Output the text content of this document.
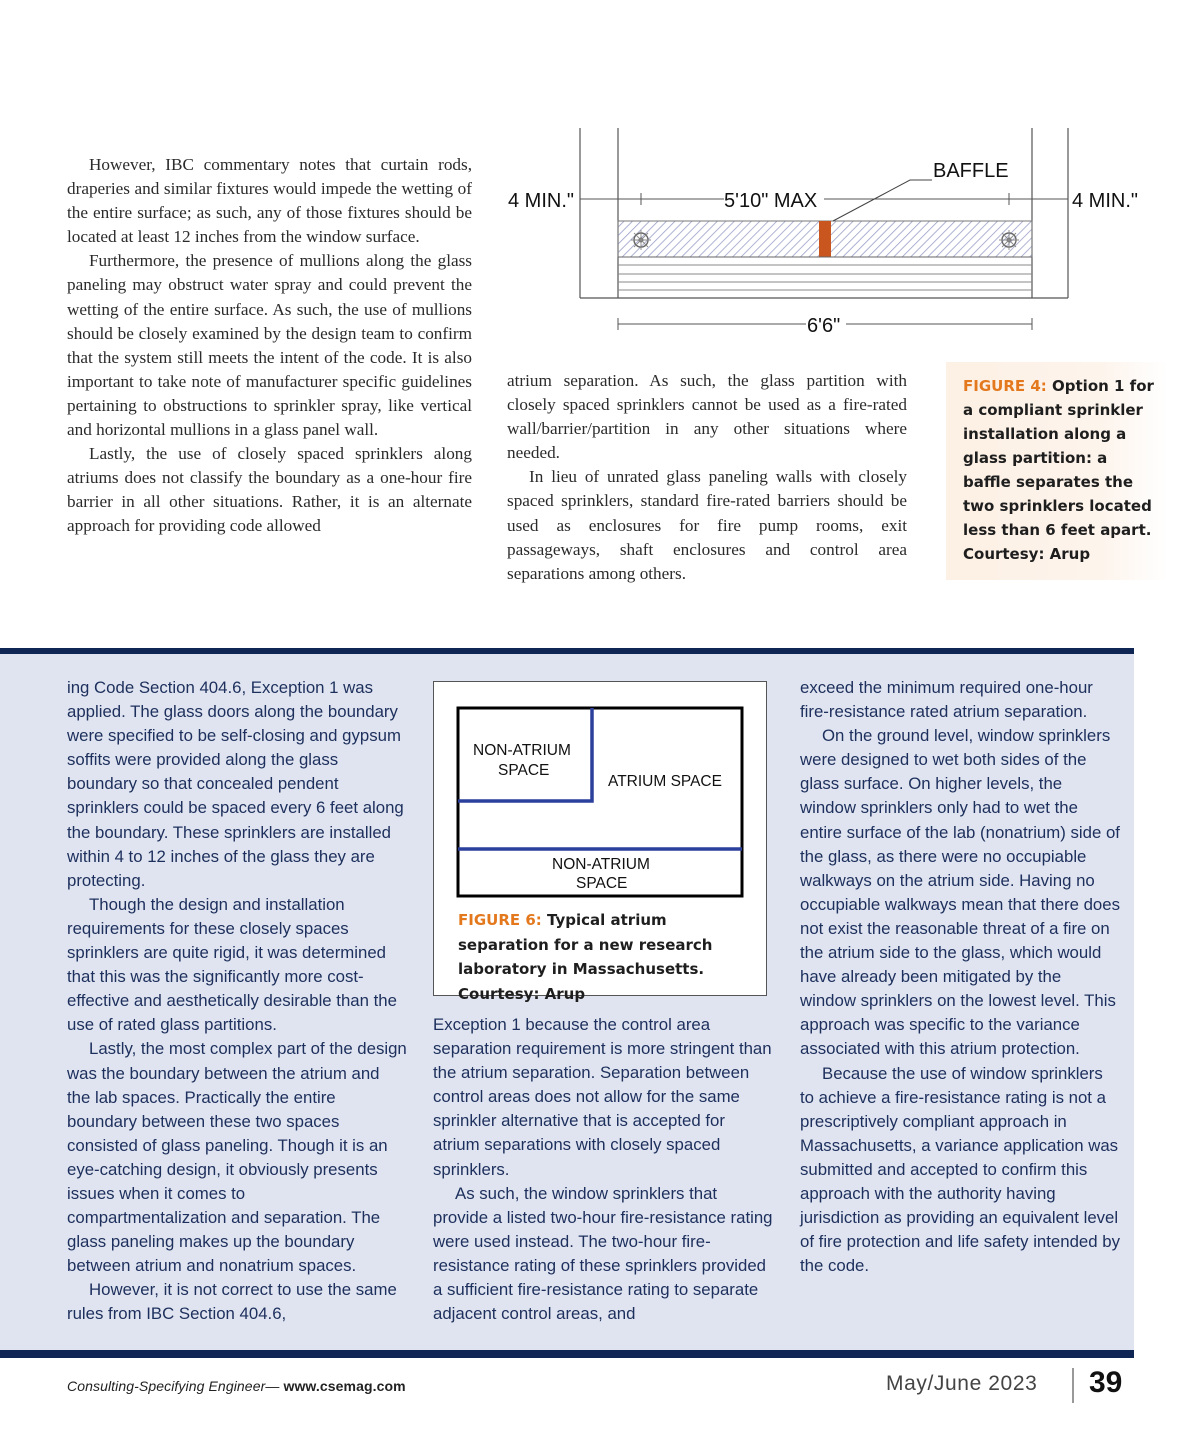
However, IBC commentary notes that curtain rods, draperies and similar fixtures would impede the wetting of the entire surface; as such, any of those fixtures should be located at least 12 inches from the window surface.

Furthermore, the presence of mullions along the glass paneling may obstruct water spray and could prevent the wetting of the entire surface. As such, the use of mullions should be closely examined by the design team to confirm that the system still meets the intent of the code. It is also important to take note of manufacturer specific guidelines pertaining to obstructions to sprinkler spray, like vertical and horizontal mullions in a glass panel wall.

Lastly, the use of closely spaced sprinklers along atriums does not classify the boundary as a one-hour fire barrier in all other situations. Rather, it is an alternate approach for providing code allowed

atrium separation. As such, the glass partition with closely spaced sprinklers cannot be used as a fire-rated wall/barrier/partition in any other situations where needed.

In lieu of unrated glass paneling walls with closely spaced sprinklers, standard fire-rated barriers should be used as enclosures for fire pump rooms, exit passageways, shaft enclosures and control area separations among others.

4 MIN."	5'10" MAX
BAFFLE
4 MIN."
6'6"
FIGURE 4: Option 1 for a compliant sprinkler installation along a glass partition: a baffle separates the two sprinklers located less than 6 feet apart. Courtesy: Arup

ing Code Section 404.6, Exception 1 was applied. The glass doors along the boundary were specified to be self-closing and gypsum soffits were provided along the glass boundary so that concealed pendent sprinklers could be spaced every 6 feet along the boundary. These sprinklers are installed within 4 to 12 inches of the glass they are protecting.

Though the design and installation requirements for these closely spaces sprinklers are quite rigid, it was determined that this was the significantly more cost-effective and aesthetically desirable than the use of rated glass partitions.

Lastly, the most complex part of the design was the boundary between the atrium and the lab spaces. Practically the entire boundary between these two spaces consisted of glass paneling. Though it is an eye-catching design, it obviously presents issues when it comes to compartmentalization and separation. The glass paneling makes up the boundary between atrium and nonatrium spaces.

However, it is not correct to use the same rules from IBC Section 404.6,

NON-ATRIUM
SPACE
ATRIUM SPACE
NON-ATRIUM
SPACE
FIGURE 6: Typical atrium separation for a new research laboratory in Massachusetts. Courtesy: Arup

Exception 1 because the control area separation requirement is more stringent than the atrium separation. Separation between control areas does not allow for the same sprinkler alternative that is accepted for atrium separations with closely spaced sprinklers.

As such, the window sprinklers that provide a listed two-hour fire-resistance rating were used instead. The two-hour fire-resistance rating of these sprinklers provided a sufficient fire-resistance rating to separate adjacent control areas, and

exceed the minimum required one-hour fire-resistance rated atrium separation.

On the ground level, window sprinklers were designed to wet both sides of the glass surface. On higher levels, the window sprinklers only had to wet the entire surface of the lab (nonatrium) side of the glass, as there were no occupiable walkways on the atrium side. Having no occupiable walkways mean that there does not exist the reasonable threat of a fire on the atrium side to the glass, which would have already been mitigated by the window sprinklers on the lowest level. This approach was specific to the variance associated with this atrium protection.

Because the use of window sprinklers to achieve a fire-resistance rating is not a prescriptively compliant approach in Massachusetts, a variance application was submitted and accepted to confirm this approach with the authority having jurisdiction as providing an equivalent level of fire protection and life safety intended by the code.

Consulting-Specifying Engineer— www.csemag.com	May/June 2023 39
